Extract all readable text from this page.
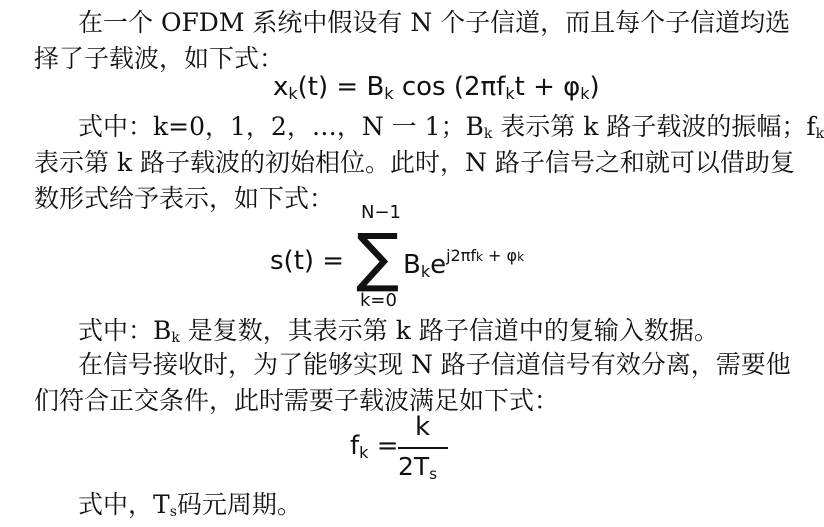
在一个 OFDM 系统中假设有 N 个子信道，而且每个子信道均选
择了子载波，如下式：
$x_k(t) = B_k$ $\cos (2\pi f_kt + \varphi_k)$
式中：k=0，1，2，…，N 一 1；Bk 表示第 k 路子载波的振幅；fk
表示第 k 路子载波的初始相位。此时，N 路子信号之和就可以借助复
数形式给予表示，如下式：
s(t) =
N−1
∑
k=0
$B_ke^{j2\pi fk + \varphi k}$
式中：Bk 是复数，其表示第 k 路子信道中的复输入数据。
在信号接收时，为了能够实现 N 路子信道信号有效分离，需要他
们符合正交条件，此时需要子载波满足如下式：
$f_k$ =
k
$2T_s$
式中，Ts码元周期。
